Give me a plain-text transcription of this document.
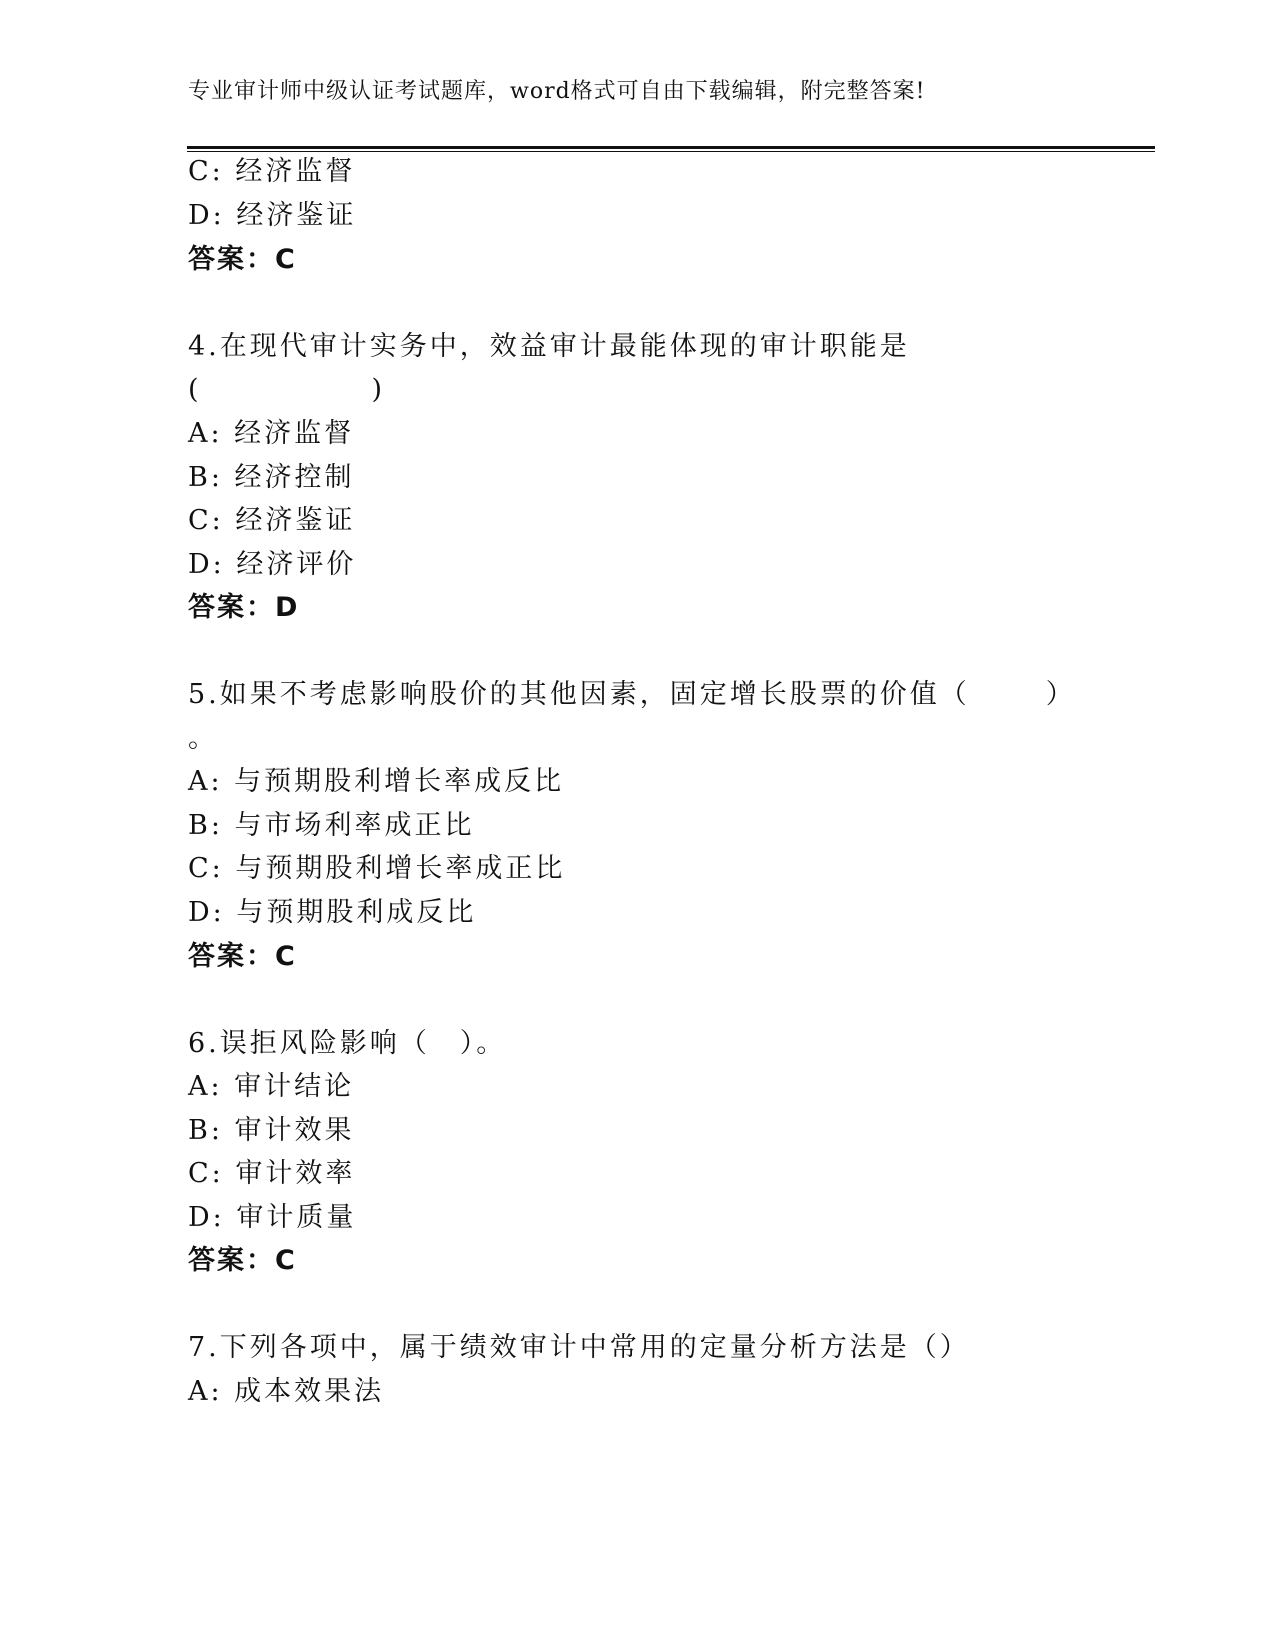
专业审计师中级认证考试题库，word格式可自由下载编辑，附完整答案!
C: 经济监督
D: 经济鉴证
答案：C
4.在现代审计实务中，效益审计最能体现的审计职能是
(	)
A: 经济监督
B: 经济控制
C: 经济鉴证
D: 经济评价
答案：D
5.如果不考虑影响股价的其他因素，固定增长股票的价值（	）
。
A: 与预期股利增长率成反比
B: 与市场利率成正比
C: 与预期股利增长率成正比
D: 与预期股利成反比
答案：C
6.误拒风险影响（ ）。
A: 审计结论
B: 审计效果
C: 审计效率
D: 审计质量
答案：C
7.下列各项中，属于绩效审计中常用的定量分析方法是（）
A: 成本效果法
